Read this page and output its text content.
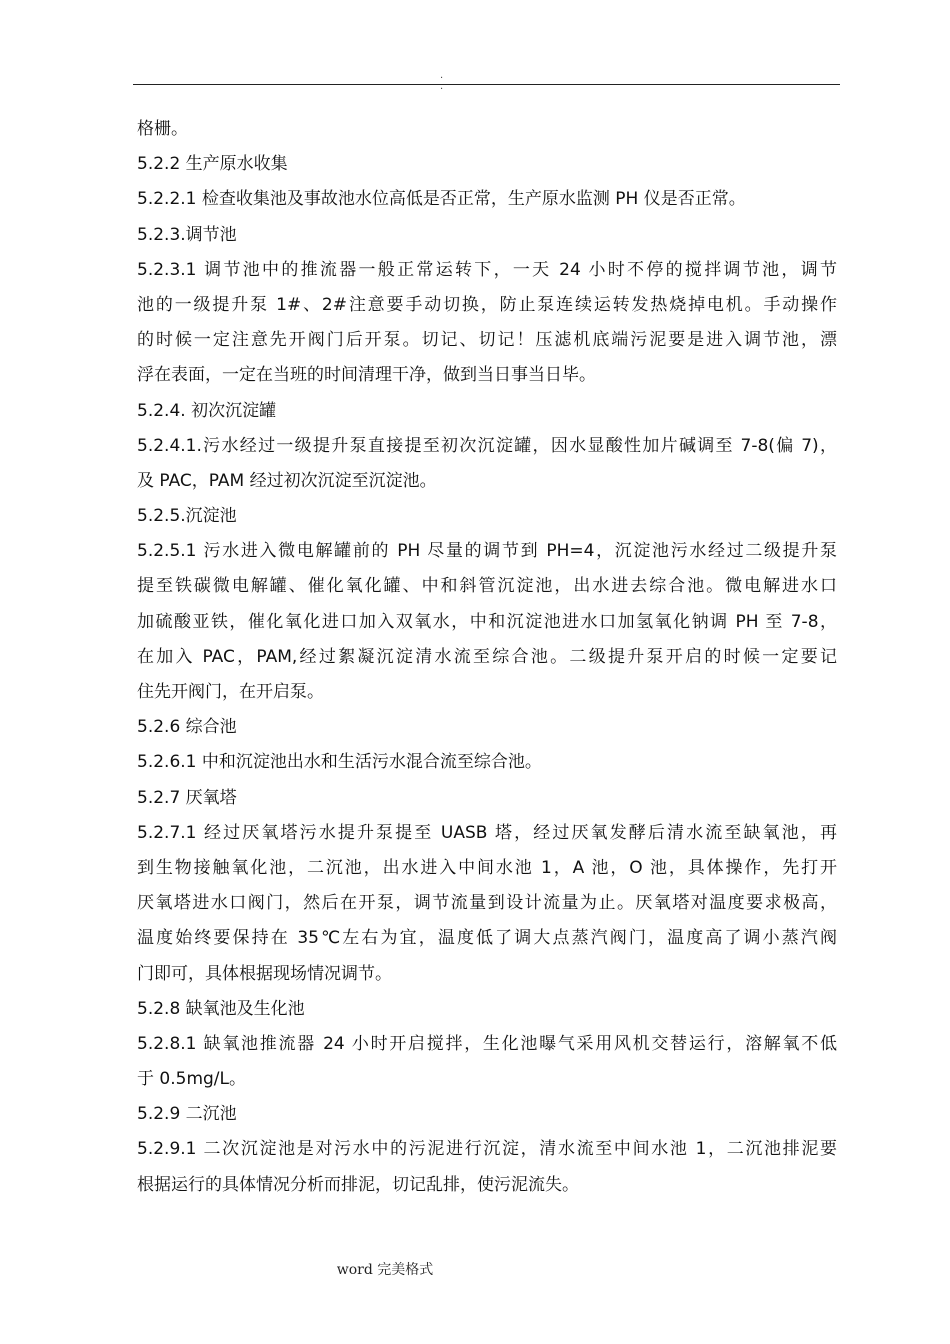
. .
格栅。
5.2.2 生产原水收集
5.2.2.1 检查收集池及事故池水位高低是否正常，生产原水监测 PH 仪是否正常。
5.2.3.调节池
5.2.3.1 调节池中的推流器一般正常运转下，一天 24 小时不停的搅拌调节池，调节
池的一级提升泵 1#、2#注意要手动切换，防止泵连续运转发热烧掉电机。手动操作
的时候一定注意先开阀门后开泵。切记、切记！压滤机底端污泥要是进入调节池，漂
浮在表面，一定在当班的时间清理干净，做到当日事当日毕。
5.2.4. 初次沉淀罐
5.2.4.1.污水经过一级提升泵直接提至初次沉淀罐，因水显酸性加片碱调至 7-8(偏 7)，
及 PAC，PAM 经过初次沉淀至沉淀池。
5.2.5.沉淀池
5.2.5.1 污水进入微电解罐前的 PH 尽量的调节到 PH=4，沉淀池污水经过二级提升泵
提至铁碳微电解罐、催化氧化罐、中和斜管沉淀池，出水进去综合池。微电解进水口
加硫酸亚铁，催化氧化进口加入双氧水，中和沉淀池进水口加氢氧化钠调 PH 至 7-8，
在加入 PAC，PAM,经过絮凝沉淀清水流至综合池。二级提升泵开启的时候一定要记
住先开阀门，在开启泵。
5.2.6 综合池
5.2.6.1 中和沉淀池出水和生活污水混合流至综合池。
5.2.7 厌氧塔
5.2.7.1 经过厌氧塔污水提升泵提至 UASB 塔，经过厌氧发酵后清水流至缺氧池，再
到生物接触氧化池，二沉池，出水进入中间水池 1，A 池，O 池，具体操作，先打开
厌氧塔进水口阀门，然后在开泵，调节流量到设计流量为止。厌氧塔对温度要求极高，
温度始终要保持在 35℃左右为宜，温度低了调大点蒸汽阀门，温度高了调小蒸汽阀
门即可，具体根据现场情况调节。
5.2.8 缺氧池及生化池
5.2.8.1 缺氧池推流器 24 小时开启搅拌，生化池曝气采用风机交替运行，溶解氧不低
于 0.5mg/L。
5.2.9 二沉池
5.2.9.1 二次沉淀池是对污水中的污泥进行沉淀，清水流至中间水池 1，二沉池排泥要
根据运行的具体情况分析而排泥，切记乱排，使污泥流失。
word 完美格式
